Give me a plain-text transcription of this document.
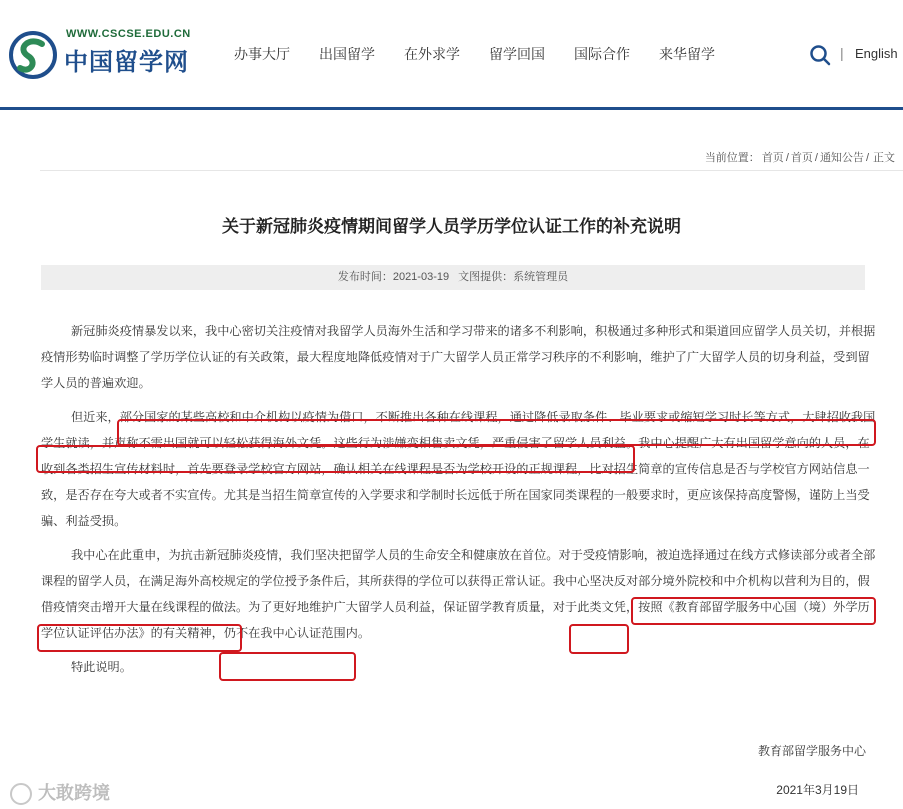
WWW.CSCSE.EDU.CN
中国留学网	办事大厅 出国留学 在外求学 留学回国 国际合作 来华留学	| English
当前位置： 首页 / 首页 / 通知公告 / 正文
关于新冠肺炎疫情期间留学人员学历学位认证工作的补充说明
发布时间：2021-03-19 文图提供：系统管理员
新冠肺炎疫情暴发以来，我中心密切关注疫情对我留学人员海外生活和学习带来的诸多不利影响，积极通过多种形式和渠道回应留学人员关切，并根据
疫情形势临时调整了学历学位认证的有关政策，最大程度地降低疫情对于广大留学人员正常学习秩序的不利影响，维护了广大留学人员的切身利益，受到留
学人员的普遍欢迎。
但近来，部分国家的某些高校和中介机构以疫情为借口，不断推出各种在线课程，通过降低录取条件、毕业要求或缩短学习时长等方式，大肆招收我国
学生就读，并声称不需出国就可以轻松获得海外文凭。这些行为涉嫌变相售卖文凭，严重侵害了留学人员利益。我中心提醒广大有出国留学意向的人员，在
收到各类招生宣传材料时，首先要登录学校官方网站，确认相关在线课程是否为学校开设的正规课程，比对招生简章的宣传信息是否与学校官方网站信息一
致，是否存在夸大或者不实宣传。尤其是当招生简章宣传的入学要求和学制时长远低于所在国家同类课程的一般要求时，更应该保持高度警惕，谨防上当受
骗、利益受损。
我中心在此重申，为抗击新冠肺炎疫情，我们坚决把留学人员的生命安全和健康放在首位。对于受疫情影响，被迫选择通过在线方式修读部分或者全部
课程的留学人员，在满足海外高校规定的学位授予条件后，其所获得的学位可以获得正常认证。我中心坚决反对部分境外院校和中介机构以营利为目的，假
借疫情突击增开大量在线课程的做法。为了更好地维护广大留学人员利益，保证留学教育质量，对于此类文凭，按照《教育部留学服务中心国（境）外学历
学位认证评估办法》的有关精神，仍不在我中心认证范围内。
特此说明。
教育部留学服务中心
2021年3月19日
大敢跨境
